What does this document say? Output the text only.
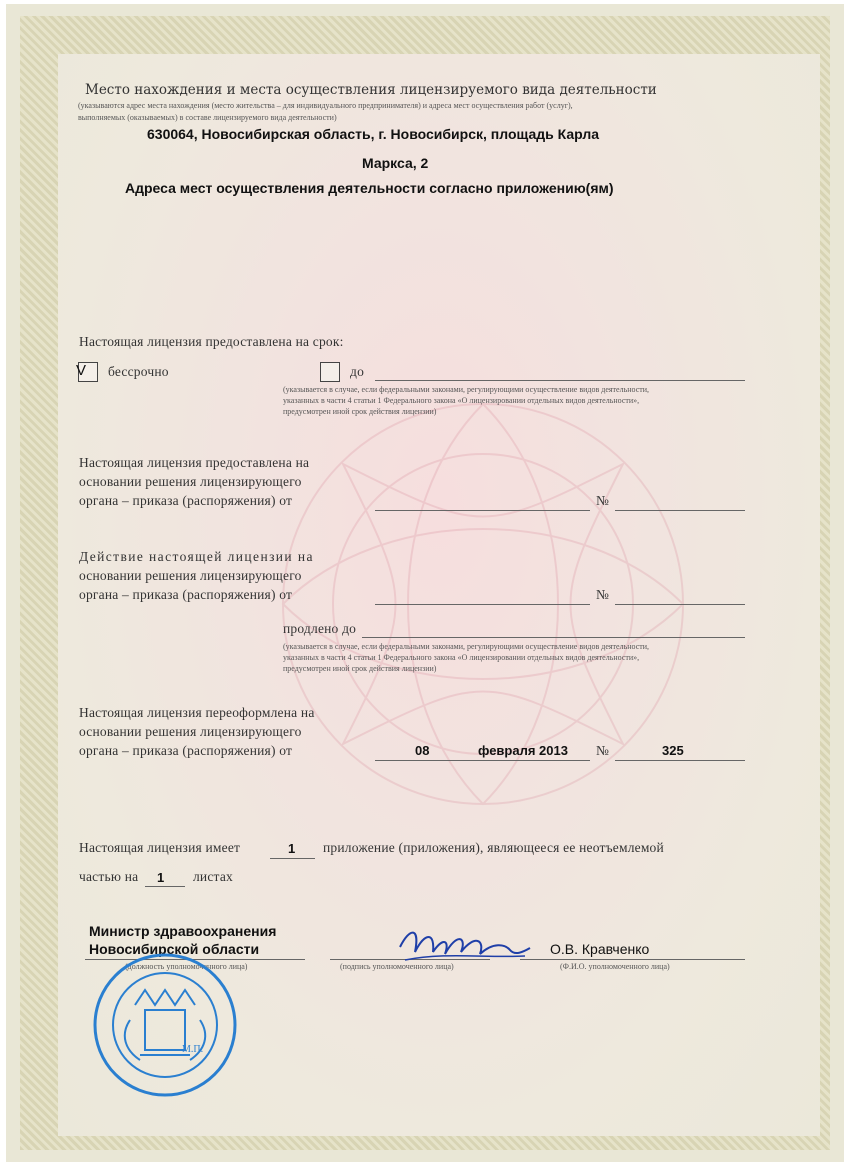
Место нахождения и места осуществления лицензируемого вида деятельности
(указываются адрес места нахождения (место жительства – для индивидуального предпринимателя) и адреса мест осуществления работ (услуг),
выполняемых (оказываемых) в составе лицензируемого вида деятельности)
630064, Новосибирская область, г. Новосибирск, площадь Карла
Маркса, 2
Адреса мест осуществления деятельности согласно приложению(ям)
Настоящая лицензия предоставлена на срок:
V бессрочно	до
(указывается в случае, если федеральными законами, регулирующими осуществление видов деятельности,
указанных в части 4 статьи 1 Федерального закона «О лицензировании отдельных видов деятельности»,
предусмотрен иной срок действия лицензии)
Настоящая лицензия предоставлена на
основании решения лицензирующего
органа – приказа (распоряжения) от	№
Действие настоящей лицензии на
основании решения лицензирующего
органа – приказа (распоряжения) от	№
продлено до
(указывается в случае, если федеральными законами, регулирующими осуществление видов деятельности,
указанных в части 4 статьи 1 Федерального закона «О лицензировании отдельных видов деятельности»,
предусмотрен иной срок действия лицензии)
Настоящая лицензия переоформлена на
основании решения лицензирующего
органа – приказа (распоряжения) от	08	февраля 2013 №	325
Настоящая лицензия имеет	1 приложение (приложения), являющееся ее неотъемлемой
частью на 1 листах
Министр здравоохранения
Новосибирской области
(должность уполномоченного лица)	(подпись уполномоченного лица)
О.В. Кравченко
(Ф.И.О. уполномоченного лица)
М.П.
